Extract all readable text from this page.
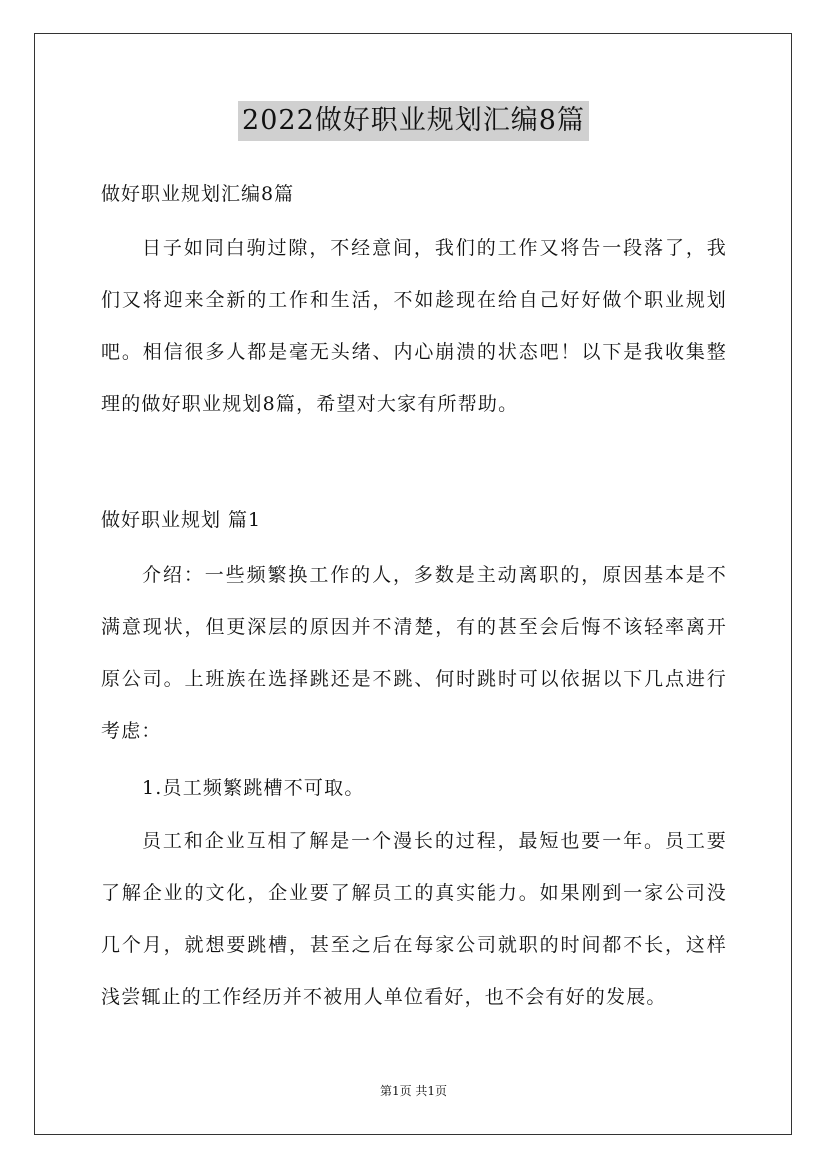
2022做好职业规划汇编8篇
做好职业规划汇编8篇
日子如同白驹过隙，不经意间，我们的工作又将告一段落了，我们又将迎来全新的工作和生活，不如趁现在给自己好好做个职业规划吧。相信很多人都是毫无头绪、内心崩溃的状态吧！以下是我收集整理的做好职业规划8篇，希望对大家有所帮助。
做好职业规划 篇1
介绍：一些频繁换工作的人，多数是主动离职的，原因基本是不满意现状，但更深层的原因并不清楚，有的甚至会后悔不该轻率离开原公司。上班族在选择跳还是不跳、何时跳时可以依据以下几点进行考虑：
1.员工频繁跳槽不可取。
员工和企业互相了解是一个漫长的过程，最短也要一年。员工要了解企业的文化，企业要了解员工的真实能力。如果刚到一家公司没几个月，就想要跳槽，甚至之后在每家公司就职的时间都不长，这样浅尝辄止的工作经历并不被用人单位看好，也不会有好的发展。
第1页 共1页
